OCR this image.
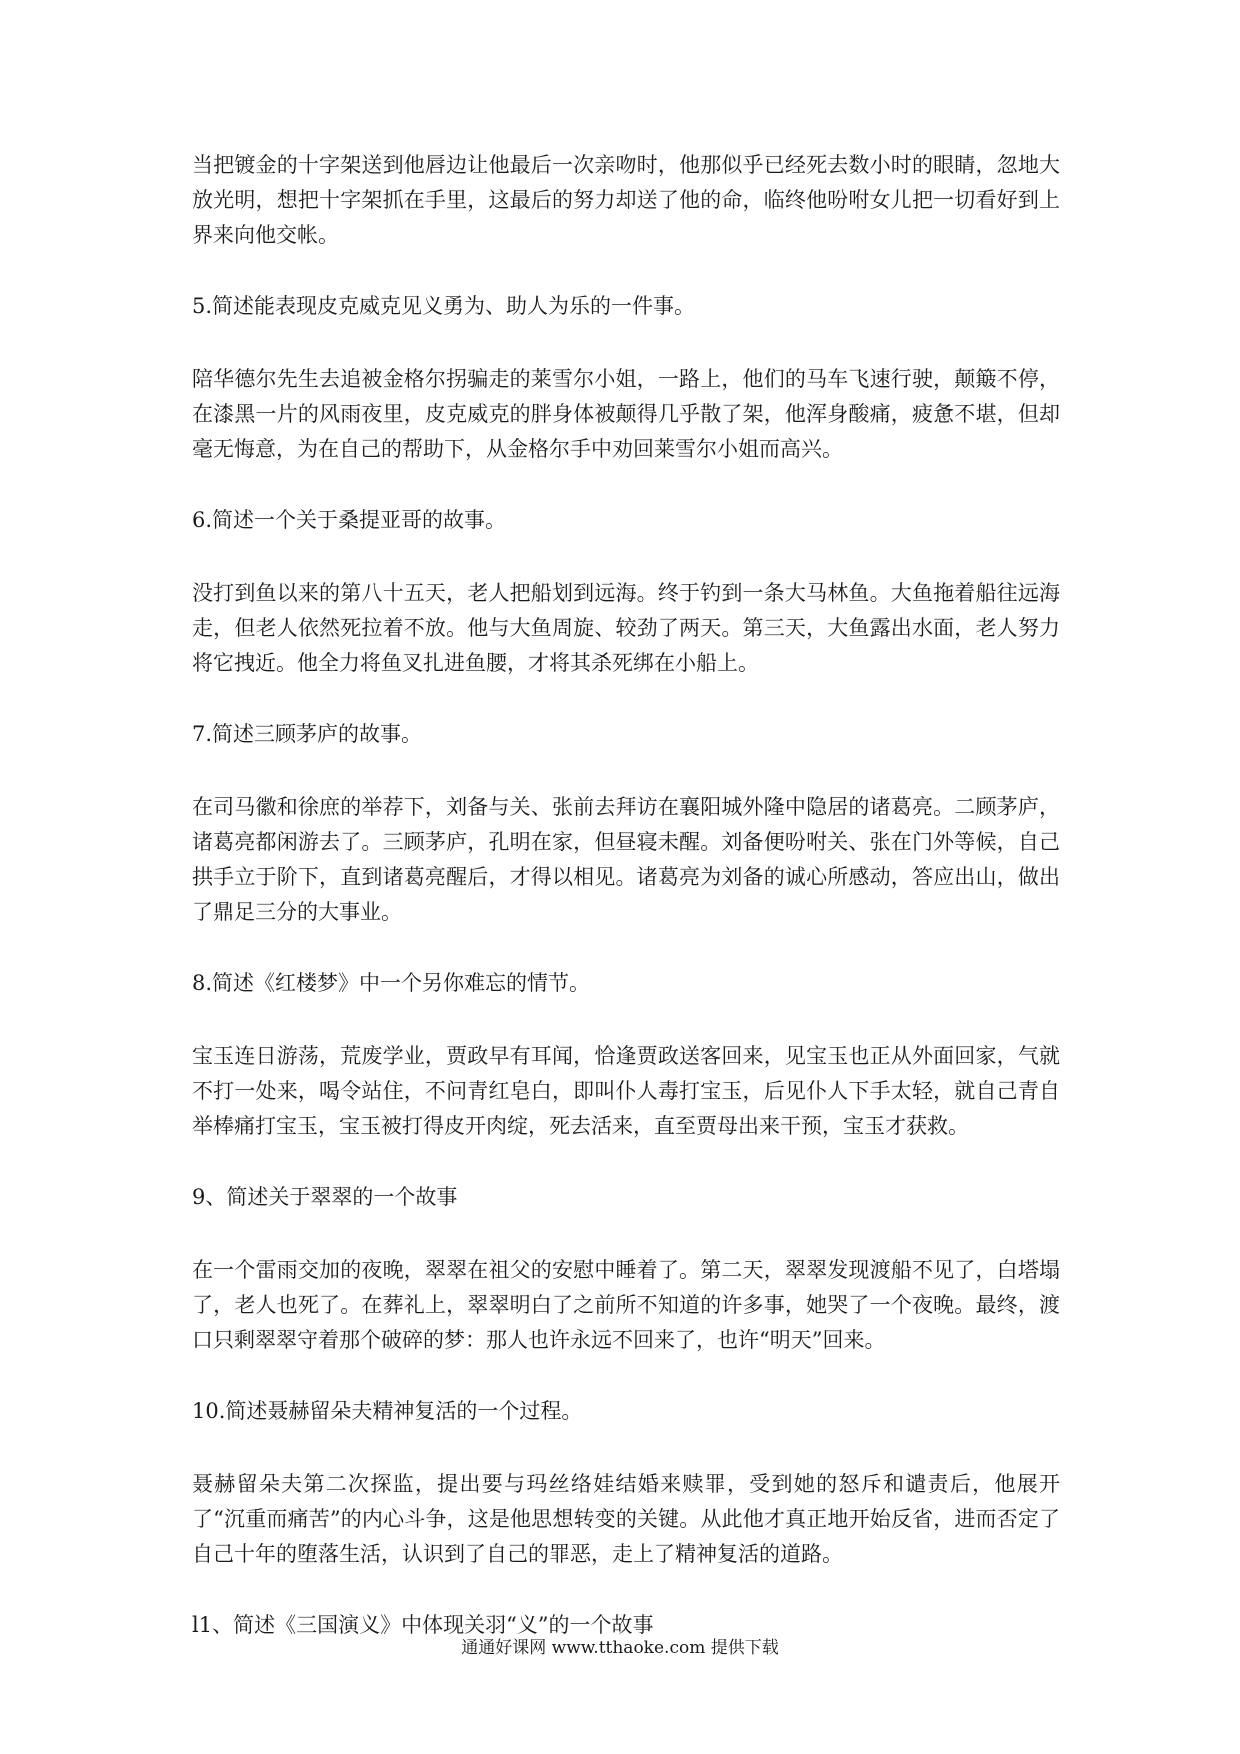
当把镀金的十字架送到他唇边让他最后一次亲吻时，他那似乎已经死去数小时的眼睛，忽地大放光明，想把十字架抓在手里，这最后的努力却送了他的命，临终他吩咐女儿把一切看好到上界来向他交帐。

5.简述能表现皮克威克见义勇为、助人为乐的一件事。

陪华德尔先生去追被金格尔拐骗走的莱雪尔小姐，一路上，他们的马车飞速行驶，颠簸不停，在漆黑一片的风雨夜里，皮克威克的胖身体被颠得几乎散了架，他浑身酸痛，疲惫不堪，但却毫无悔意，为在自己的帮助下，从金格尔手中劝回莱雪尔小姐而高兴。

6.简述一个关于桑提亚哥的故事。

没打到鱼以来的第八十五天，老人把船划到远海。终于钓到一条大马林鱼。大鱼拖着船往远海走，但老人依然死拉着不放。他与大鱼周旋、较劲了两天。第三天，大鱼露出水面，老人努力将它拽近。他全力将鱼叉扎进鱼腰，才将其杀死绑在小船上。

7.简述三顾茅庐的故事。

在司马徽和徐庶的举荐下，刘备与关、张前去拜访在襄阳城外隆中隐居的诸葛亮。二顾茅庐，诸葛亮都闲游去了。三顾茅庐，孔明在家，但昼寝未醒。刘备便吩咐关、张在门外等候，自己拱手立于阶下，直到诸葛亮醒后，才得以相见。诸葛亮为刘备的诚心所感动，答应出山，做出了鼎足三分的大事业。

8.简述《红楼梦》中一个另你难忘的情节。

宝玉连日游荡，荒废学业，贾政早有耳闻，恰逢贾政送客回来，见宝玉也正从外面回家，气就不打一处来，喝令站住，不问青红皂白，即叫仆人毒打宝玉，后见仆人下手太轻，就自己青自举棒痛打宝玉，宝玉被打得皮开肉绽，死去活来，直至贾母出来干预，宝玉才获救。

9、简述关于翠翠的一个故事

在一个雷雨交加的夜晚，翠翠在祖父的安慰中睡着了。第二天，翠翠发现渡船不见了，白塔塌了，老人也死了。在葬礼上，翠翠明白了之前所不知道的许多事，她哭了一个夜晚。最终，渡口只剩翠翠守着那个破碎的梦：那人也许永远不回来了，也许“明天”回来。

10.简述聂赫留朵夫精神复活的一个过程。

聂赫留朵夫第二次探监，提出要与玛丝络娃结婚来赎罪，受到她的怒斥和谴责后，他展开了“沉重而痛苦”的内心斗争，这是他思想转变的关键。从此他才真正地开始反省，进而否定了自己十年的堕落生活，认识到了自己的罪恶，走上了精神复活的道路。

l1、简述《三国演义》中体现关羽“义”的一个故事

通通好课网 www.tthaoke.com 提供下载
